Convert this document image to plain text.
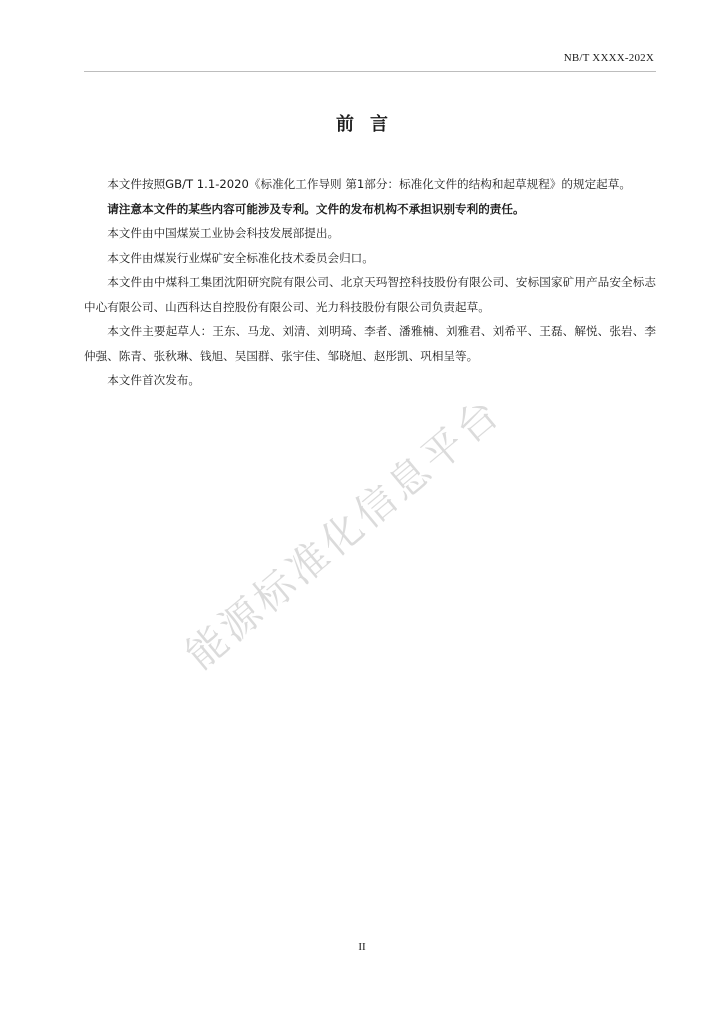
NB/T XXXX-202X
前言

本文件按照GB/T 1.1-2020《标准化工作导则 第1部分：标准化文件的结构和起草规程》的规定起草。

请注意本文件的某些内容可能涉及专利。文件的发布机构不承担识别专利的责任。

本文件由中国煤炭工业协会科技发展部提出。

本文件由煤炭行业煤矿安全标准化技术委员会归口。

本文件由中煤科工集团沈阳研究院有限公司、北京天玛智控科技股份有限公司、安标国家矿用产品安全标志中心有限公司、山西科达自控股份有限公司、光力科技股份有限公司负责起草。

本文件主要起草人：王东、马龙、刘清、刘明琦、李者、潘雅楠、刘雅君、刘希平、王磊、解悦、张岩、李仲强、陈青、张秋琳、钱旭、吴国群、张宇佳、邹晓旭、赵彤凯、巩相呈等。

本文件首次发布。

能源标准化信息平台
II
